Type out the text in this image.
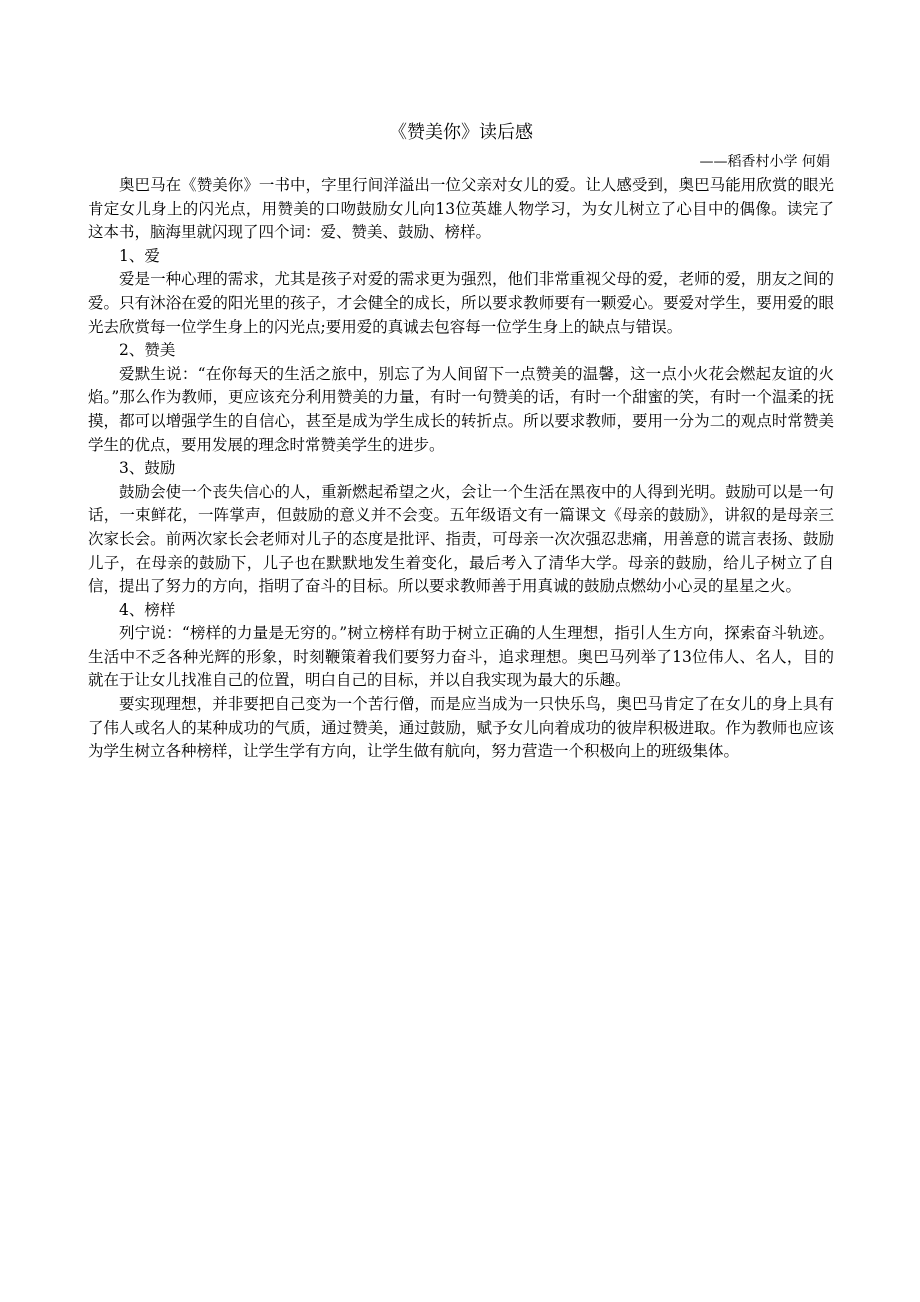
《赞美你》读后感

——稻香村小学 何娟

奥巴马在《赞美你》一书中，字里行间洋溢出一位父亲对女儿的爱。让人感受到，奥巴马能用欣赏的眼光肯定女儿身上的闪光点，用赞美的口吻鼓励女儿向13位英雄人物学习，为女儿树立了心目中的偶像。读完了这本书，脑海里就闪现了四个词：爱、赞美、鼓励、榜样。

1、爱

爱是一种心理的需求，尤其是孩子对爱的需求更为强烈，他们非常重视父母的爱，老师的爱，朋友之间的爱。只有沐浴在爱的阳光里的孩子，才会健全的成长，所以要求教师要有一颗爱心。要爱对学生，要用爱的眼光去欣赏每一位学生身上的闪光点;要用爱的真诚去包容每一位学生身上的缺点与错误。

2、赞美

爱默生说：“在你每天的生活之旅中，别忘了为人间留下一点赞美的温馨，这一点小火花会燃起友谊的火焰。”那么作为教师，更应该充分利用赞美的力量，有时一句赞美的话，有时一个甜蜜的笑，有时一个温柔的抚摸，都可以增强学生的自信心，甚至是成为学生成长的转折点。所以要求教师，要用一分为二的观点时常赞美学生的优点，要用发展的理念时常赞美学生的进步。

3、鼓励

鼓励会使一个丧失信心的人，重新燃起希望之火，会让一个生活在黑夜中的人得到光明。鼓励可以是一句话，一束鲜花，一阵掌声，但鼓励的意义并不会变。五年级语文有一篇课文《母亲的鼓励》，讲叙的是母亲三次家长会。前两次家长会老师对儿子的态度是批评、指责，可母亲一次次强忍悲痛，用善意的谎言表扬、鼓励儿子，在母亲的鼓励下，儿子也在默默地发生着变化，最后考入了清华大学。母亲的鼓励，给儿子树立了自信，提出了努力的方向，指明了奋斗的目标。所以要求教师善于用真诚的鼓励点燃幼小心灵的星星之火。

4、榜样

列宁说：“榜样的力量是无穷的。”树立榜样有助于树立正确的人生理想，指引人生方向，探索奋斗轨迹。生活中不乏各种光辉的形象，时刻鞭策着我们要努力奋斗，追求理想。奥巴马列举了13位伟人、名人，目的就在于让女儿找准自己的位置，明白自己的目标，并以自我实现为最大的乐趣。

要实现理想，并非要把自己变为一个苦行僧，而是应当成为一只快乐鸟，奥巴马肯定了在女儿的身上具有了伟人或名人的某种成功的气质，通过赞美，通过鼓励，赋予女儿向着成功的彼岸积极进取。作为教师也应该为学生树立各种榜样，让学生学有方向，让学生做有航向，努力营造一个积极向上的班级集体。
